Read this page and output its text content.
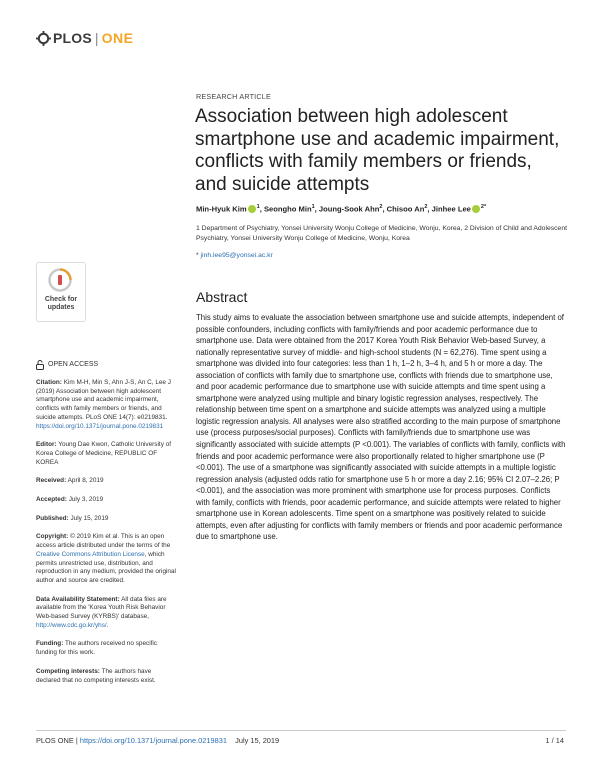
PLOS | ONE
Check for updates
OPEN ACCESS

Citation: Kim M-H, Min S, Ahn J-S, An C, Lee J (2019) Association between high adolescent smartphone use and academic impairment, conflicts with family members or friends, and suicide attempts. PLoS ONE 14(7): e0219831. https://doi.org/10.1371/journal.pone.0219831

Editor: Young Dae Kwon, Catholic University of Korea College of Medicine, REPUBLIC OF KOREA

Received: April 8, 2019

Accepted: July 3, 2019

Published: July 15, 2019

Copyright: © 2019 Kim et al. This is an open access article distributed under the terms of the Creative Commons Attribution License, which permits unrestricted use, distribution, and reproduction in any medium, provided the original author and source are credited.

Data Availability Statement: All data files are available from the 'Korea Youth Risk Behavior Web-based Survey (KYRBS)' database, http://www.cdc.go.kr/yhs/.

Funding: The authors received no specific funding for this work.

Competing interests: The authors have declared that no competing interests exist.

RESEARCH ARTICLE
Association between high adolescent smartphone use and academic impairment, conflicts with family members or friends, and suicide attempts
Min-Hyuk Kim $^1$, Seongho Min$^1$, Joung-Sook Ahn$^2$, Chisoo An$^2$, Jinhee Lee $^{2*}$
1 Department of Psychiatry, Yonsei University Wonju College of Medicine, Wonju, Korea, 2 Division of Child and Adolescent Psychiatry, Yonsei University Wonju College of Medicine, Wonju, Korea
* jinh.lee95@yonsei.ac.kr
Abstract

This study aims to evaluate the association between smartphone use and suicide attempts, independent of possible confounders, including conflicts with family/friends and poor academic performance due to smartphone use. Data were obtained from the 2017 Korea Youth Risk Behavior Web-based Survey, a nationally representative survey of middle- and high-school students (N = 62,276). Time spent using a smartphone was divided into four categories: less than 1 h, 1–2 h, 3–4 h, and 5 h or more a day. The association of conflicts with family due to smartphone use, conflicts with friends due to smartphone use, and poor academic performance due to smartphone use with suicide attempts and time spent using a smartphone were analyzed using multiple and binary logistic regression analyses, respectively. The relationship between time spent on a smartphone and suicide attempts was analyzed using a multiple logistic regression analysis. All analyses were also stratified according to the main purpose of smartphone use (process purposes/social purposes). Conflicts with family/friends due to smartphone use was significantly associated with suicide attempts (P <0.001). The variables of conflicts with family, conflicts with friends and poor academic performance were also proportionally related to higher smartphone use (P <0.001). The use of a smartphone was significantly associated with suicide attempts in a multiple logistic regression analysis (adjusted odds ratio for smartphone use 5 h or more a day 2.16; 95% CI 2.07–2.26; P <0.001), and the association was more prominent with smartphone use for process purposes. Conflicts with family, conflicts with friends, poor academic performance, and suicide attempts were related to higher smartphone use in Korean adolescents. Time spent on a smartphone was positively related to suicide attempts, even after adjusting for conflicts with family members or friends and poor academic performance due to smartphone use.

PLOS ONE | https://doi.org/10.1371/journal.pone.0219831 July 15, 2019	1 / 14
